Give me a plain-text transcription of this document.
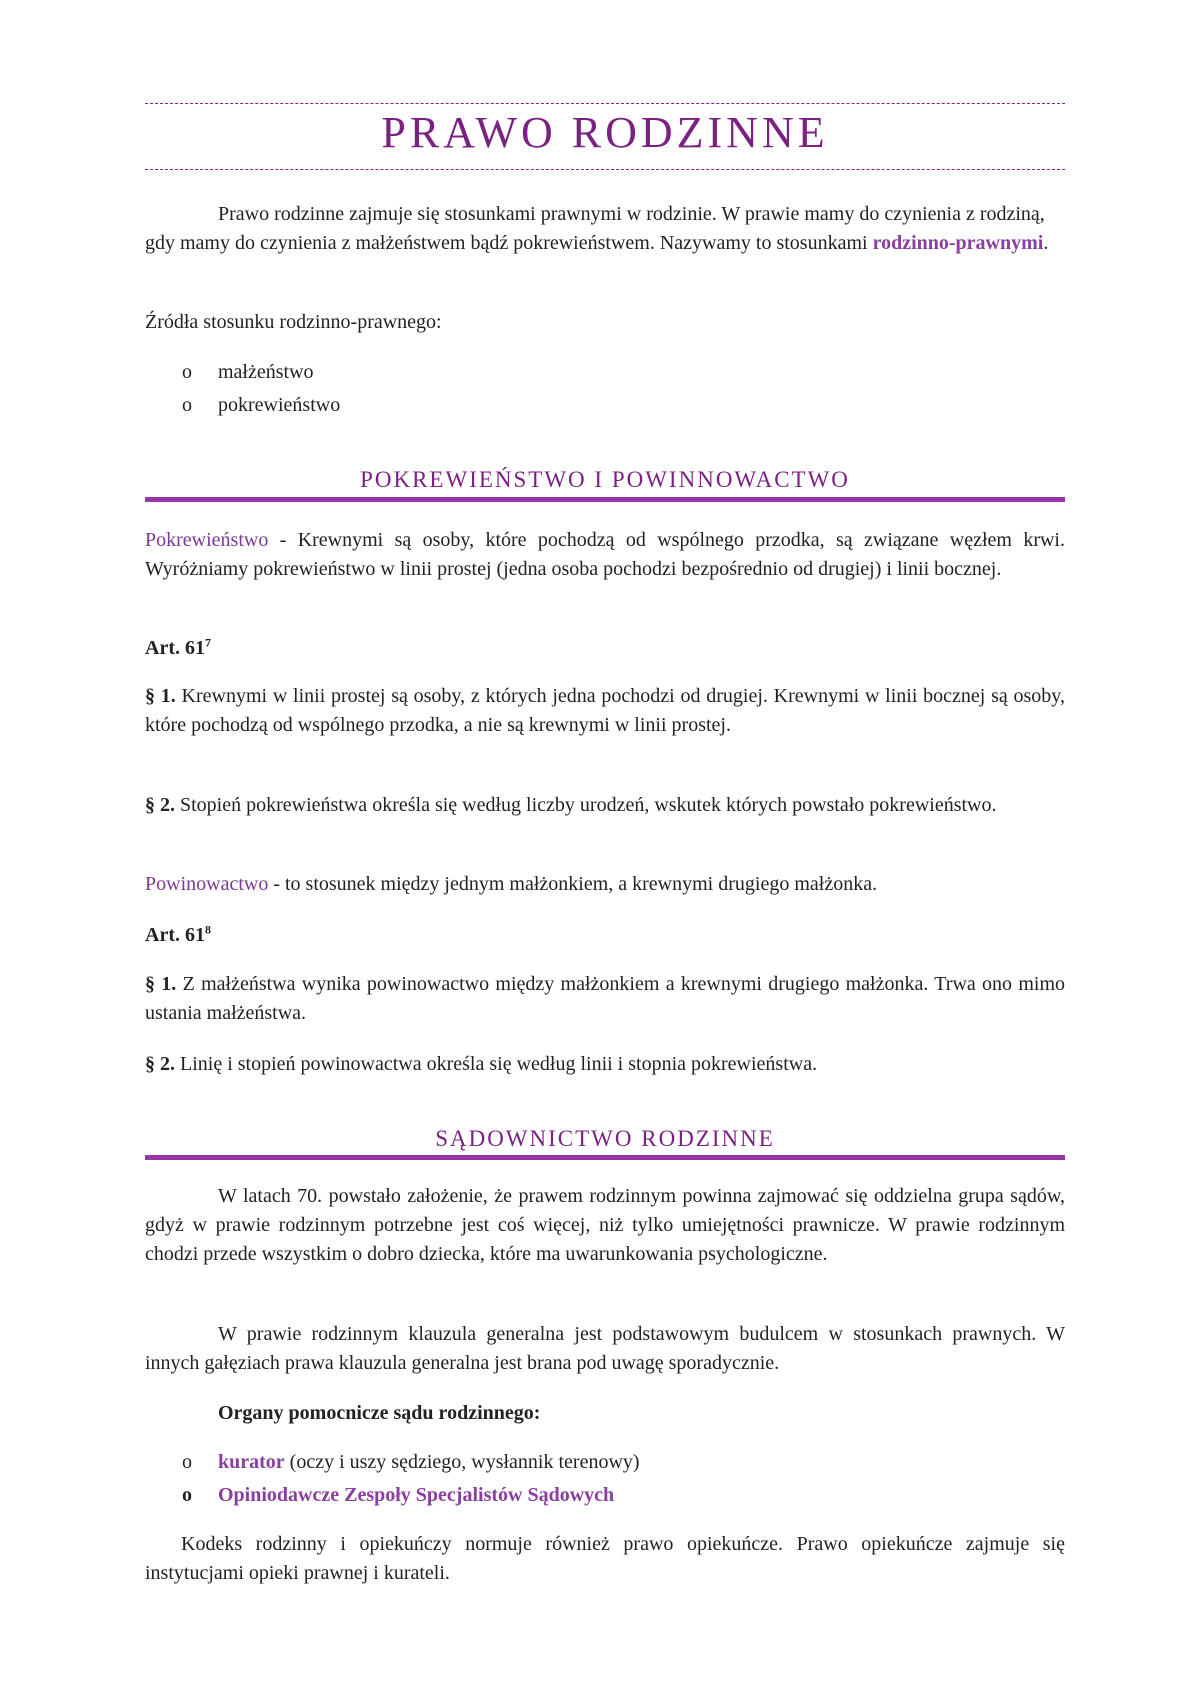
PRAWO RODZINNE

Prawo rodzinne zajmuje się stosunkami prawnymi w rodzinie. W prawie mamy do czynienia z rodziną, gdy mamy do czynienia z małżeństwem bądź pokrewieństwem. Nazywamy to stosunkami rodzinno-prawnymi.

Źródła stosunku rodzinno-prawnego:

o	małżeństwo
o	pokrewieństwo
POKREWIEŃSTWO I POWINNOWACTWO

Pokrewieństwo - Krewnymi są osoby, które pochodzą od wspólnego przodka, są związane węzłem krwi. Wyróżniamy pokrewieństwo w linii prostej (jedna osoba pochodzi bezpośrednio od drugiej) i linii bocznej.

Art. $61^7$

§ 1. Krewnymi w linii prostej są osoby, z których jedna pochodzi od drugiej. Krewnymi w linii bocznej są osoby, które pochodzą od wspólnego przodka, a nie są krewnymi w linii prostej.

§ 2. Stopień pokrewieństwa określa się według liczby urodzeń, wskutek których powstało pokrewieństwo.

Powinowactwo - to stosunek między jednym małżonkiem, a krewnymi drugiego małżonka.

Art. $61^8$

§ 1. Z małżeństwa wynika powinowactwo między małżonkiem a krewnymi drugiego małżonka. Trwa ono mimo ustania małżeństwa.

§ 2. Linię i stopień powinowactwa określa się według linii i stopnia pokrewieństwa.

SĄDOWNICTWO RODZINNE

W latach 70. powstało założenie, że prawem rodzinnym powinna zajmować się oddzielna grupa sądów, gdyż w prawie rodzinnym potrzebne jest coś więcej, niż tylko umiejętności prawnicze. W prawie rodzinnym chodzi przede wszystkim o dobro dziecka, które ma uwarunkowania psychologiczne.

W prawie rodzinnym klauzula generalna jest podstawowym budulcem w stosunkach prawnych. W innych gałęziach prawa klauzula generalna jest brana pod uwagę sporadycznie.

Organy pomocnicze sądu rodzinnego:

o	kurator (oczy i uszy sędziego, wysłannik terenowy)
o	Opiniodawcze Zespoły Specjalistów Sądowych

Kodeks rodzinny i opiekuńczy normuje również prawo opiekuńcze. Prawo opiekuńcze zajmuje się instytucjami opieki prawnej i kurateli.
